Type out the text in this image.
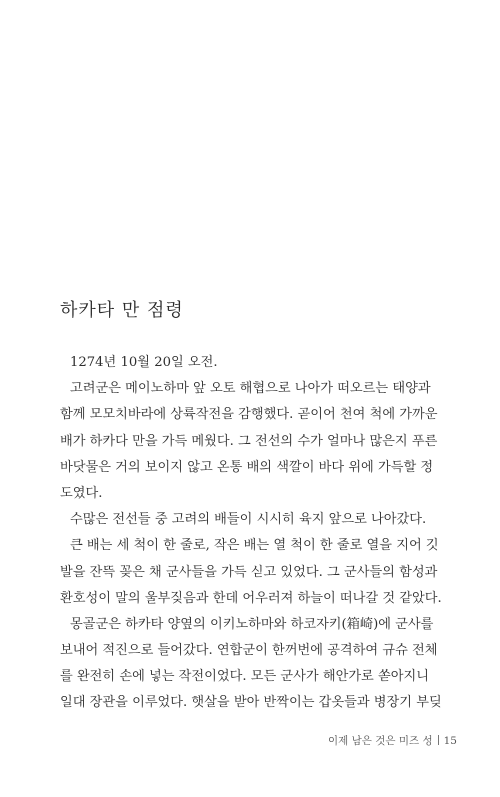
하카타 만 점령
1274년 10월 20일 오전.
고려군은 메이노하마 앞 오토 해협으로 나아가 떠오르는 태양과
함께 모모치바라에 상륙작전을 감행했다. 곧이어 천여 척에 가까운
배가 하카다 만을 가득 메웠다. 그 전선의 수가 얼마나 많은지 푸른
바닷물은 거의 보이지 않고 온통 배의 색깔이 바다 위에 가득할 정
도였다.
수많은 전선들 중 고려의 배들이 시시히 육지 앞으로 나아갔다.
큰 배는 세 척이 한 줄로, 작은 배는 열 척이 한 줄로 열을 지어 깃
발을 잔뜩 꽂은 채 군사들을 가득 싣고 있었다. 그 군사들의 함성과
환호성이 말의 울부짖음과 한데 어우러져 하늘이 떠나갈 것 같았다.
몽골군은 하카타 양옆의 이키노하마와 하코자키(箱崎)에 군사를
보내어 적진으로 들어갔다. 연합군이 한꺼번에 공격하여 규슈 전체
를 완전히 손에 넣는 작전이었다. 모든 군사가 해안가로 쏟아지니
일대 장관을 이루었다. 햇살을 받아 반짝이는 갑옷들과 병장기 부딪
이제 남은 것은 미즈 성 15
